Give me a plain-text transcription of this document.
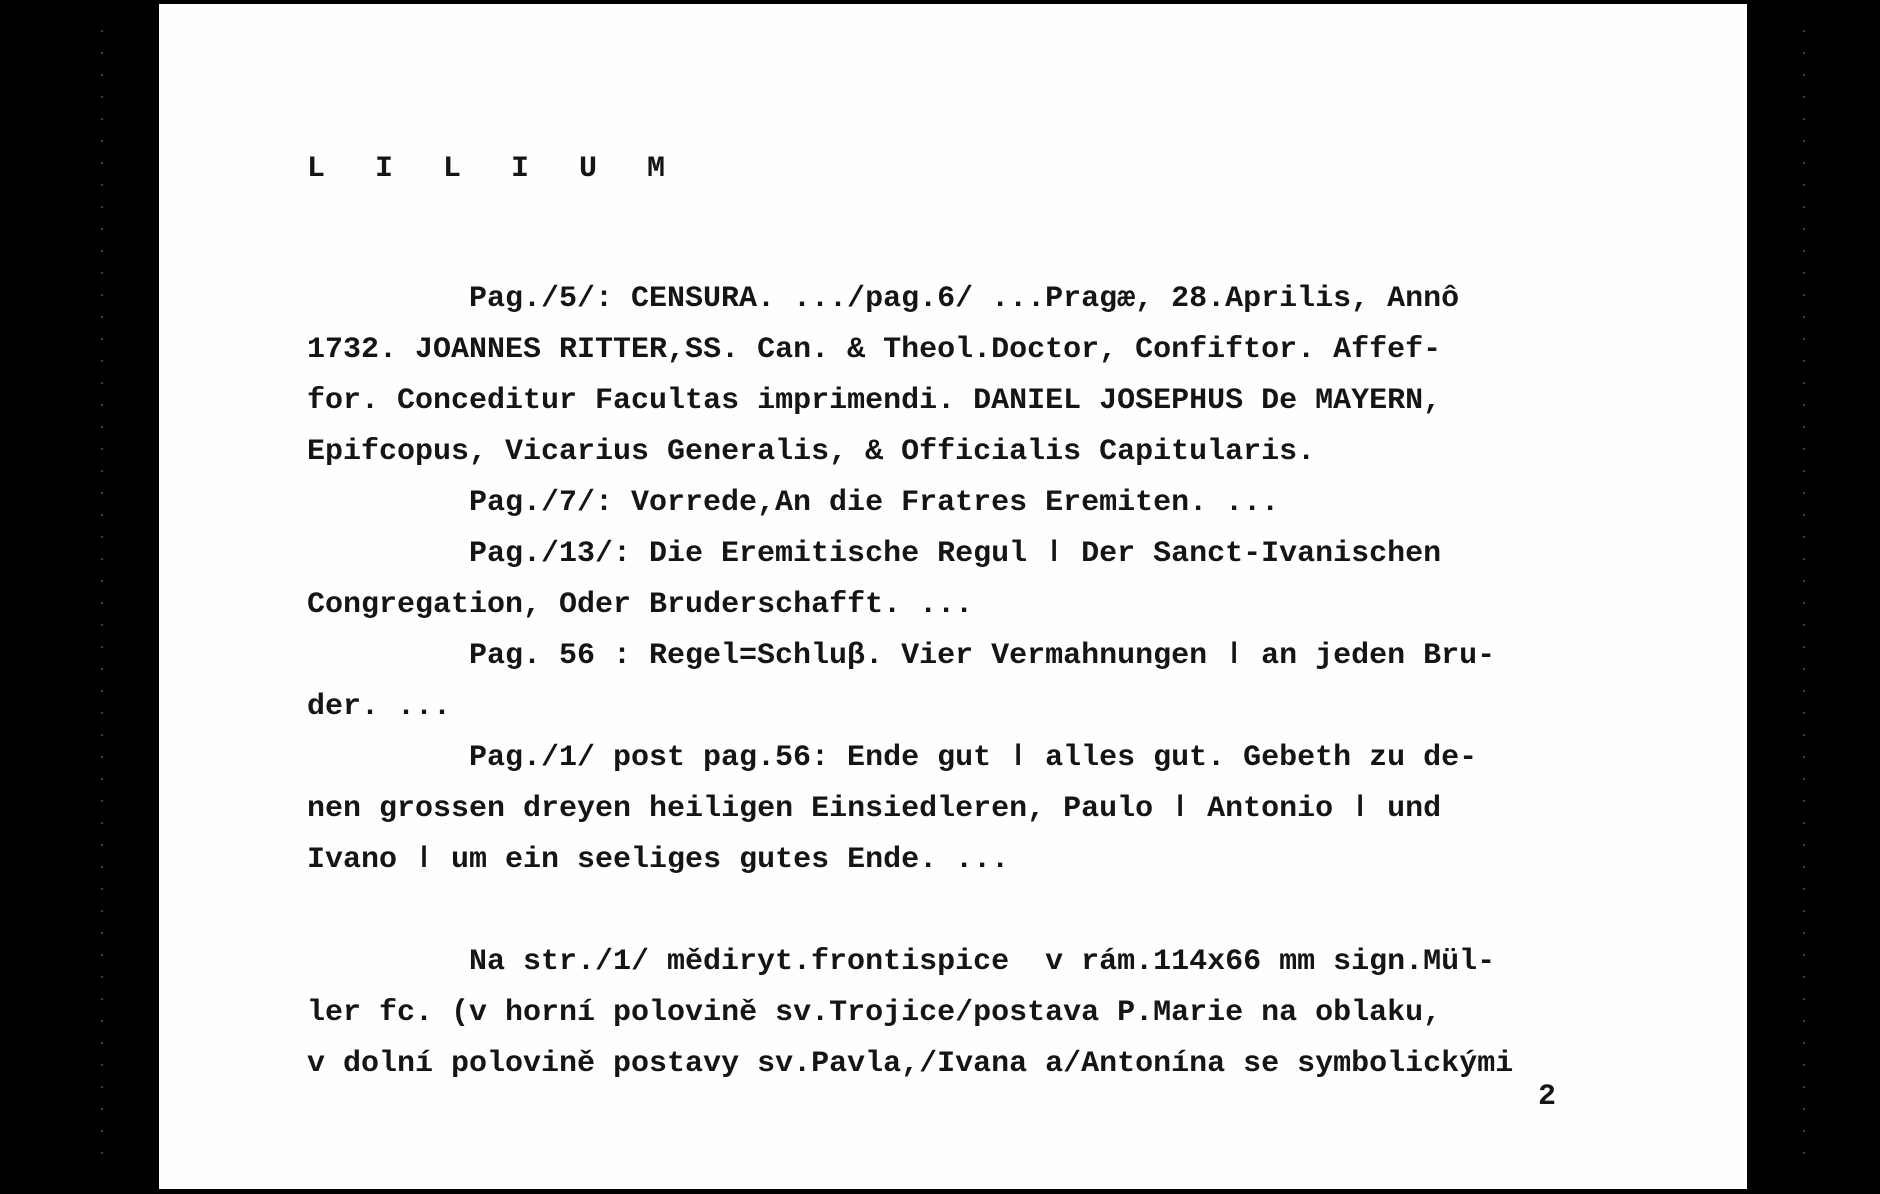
L I L I U M

Pag./5/: CENSURA. .../pag.6/ ...Pragæ, 28.Aprilis, Annô

1732. JOANNES RITTER,SS. Can. & Theol.Doctor, Confiftor. Affef-

for. Conceditur Facultas imprimendi. DANIEL JOSEPHUS De MAYERN,

Epifcopus, Vicarius Generalis, & Officialis Capitularis.

Pag./7/: Vorrede,An die Fratres Eremiten. ...

Pag./13/: Die Eremitische Regul ǀ Der Sanct-Ivanischen

Congregation, Oder Bruderschafft. ...

Pag. 56 : Regel=Schluβ. Vier Vermahnungen ǀ an jeden Bru-

der. ...

Pag./1/ post pag.56: Ende gut ǀ alles gut. Gebeth zu de-

nen grossen dreyen heiligen Einsiedleren, Paulo ǀ Antonio ǀ und

Ivano ǀ um ein seeliges gutes Ende. ...

Na str./1/ mědiryt.frontispice  v rám.114x66 mm sign.Mül-

ler fc. (v horní polovině sv.Trojice/postava P.Marie na oblaku,

v dolní polovině postavy sv.Pavla,/Ivana a/Antonína se symbolickými

2
